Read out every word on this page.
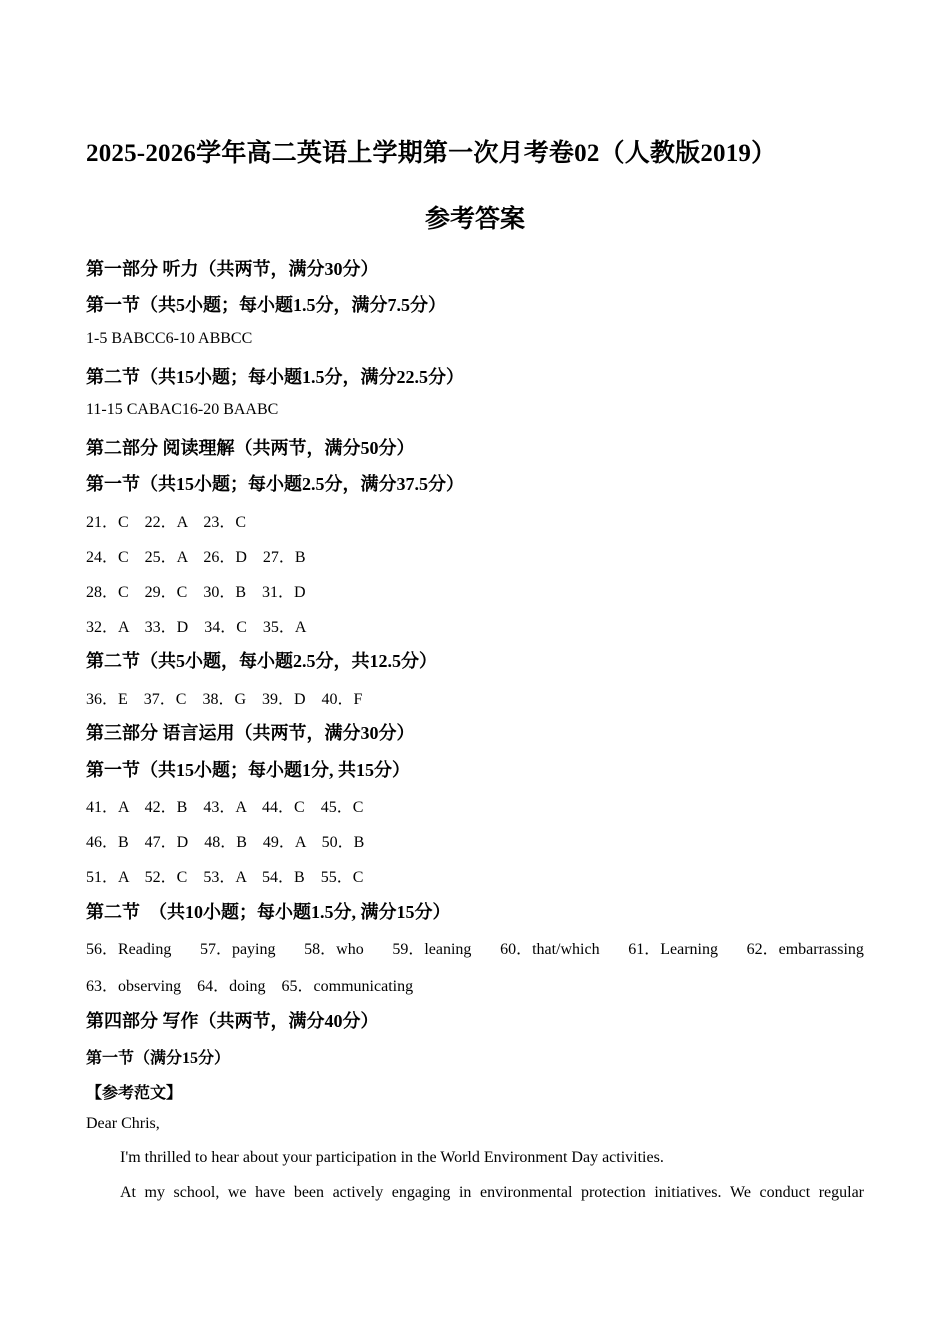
2025-2026学年高二英语上学期第一次月考卷02（人教版2019）
参考答案
第一部分 听力（共两节，满分30分）
第一节（共5小题；每小题1.5分，满分7.5分）
1-5 BABCC6-10 ABBCC
第二节（共15小题；每小题1.5分，满分22.5分）
11-15 CABAC16-20 BAABC
第二部分 阅读理解（共两节，满分50分）
第一节（共15小题；每小题2.5分，满分37.5分）
21．C　22．A　23．C
24．C　25．A　26．D　27．B
28．C　29．C　30．B　31．D
32．A　33．D　34．C　35．A
第二节（共5小题，每小题2.5分，共12.5分）
36．E　37．C　38．G　39．D　40．F
第三部分 语言运用（共两节，满分30分）
第一节（共15小题；每小题1分, 共15分）
41．A　42．B　43．A　44．C　45．C
46．B　47．D　48．B　49．A　50．B
51．A　52．C　53．A　54．B　55．C
第二节　（共10小题；每小题1.5分, 满分15分）
56．Reading 57．paying 58．who 59．leaning 60．that/which 61．Learning 62．embarrassing
63．observing　64．doing　65．communicating
第四部分 写作（共两节，满分40分）
第一节（满分15分）
【参考范文】
Dear Chris,
I'm thrilled to hear about your participation in the World Environment Day activities.
At my school, we have been actively engaging in environmental protection initiatives. We conduct regular
